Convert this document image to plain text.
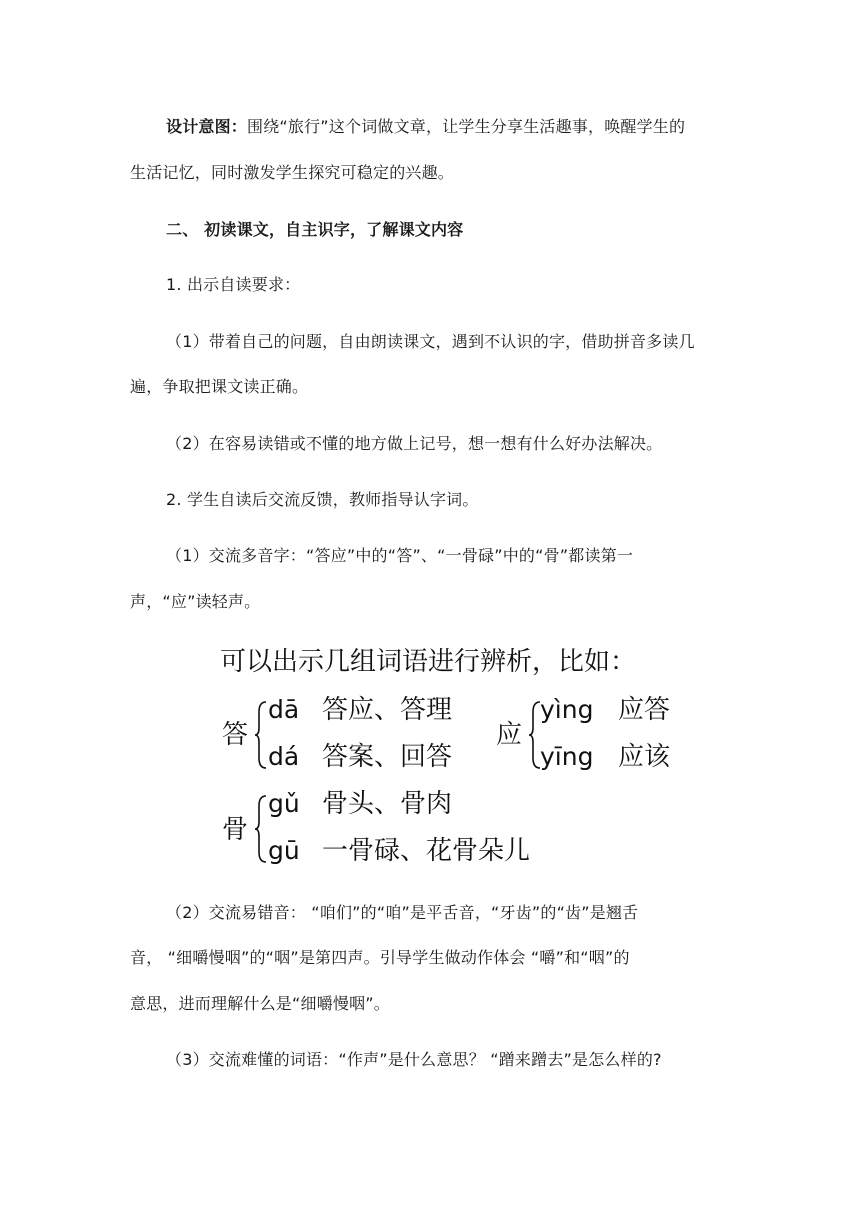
设计意图：围绕“旅行”这个词做文章，让学生分享生活趣事，唤醒学生的
生活记忆，同时激发学生探究可稳定的兴趣。
二、 初读课文，自主识字，了解课文内容
1. 出示自读要求：
（1）带着自己的问题，自由朗读课文，遇到不认识的字，借助拼音多读几
遍，争取把课文读正确。
（2）在容易读错或不懂的地方做上记号，想一想有什么好办法解决。
2. 学生自读后交流反馈，教师指导认字词。
（1）交流多音字：“答应”中的“答”、“一骨碌”中的“骨”都读第一
声，“应”读轻声。
可以出示几组词语进行辨析，比如：
答
dā 答应、答理
dá 答案、回答
应
yìng 应答
yīng 应该
骨
gǔ 骨头、骨肉
gū 一骨碌、花骨朵儿
（2）交流易错音： “咱们”的“咱”是平舌音，“牙齿”的“齿”是翘舌
音， “细嚼慢咽”的“咽”是第四声。引导学生做动作体会 “嚼”和“咽”的
意思，进而理解什么是“细嚼慢咽”。
（3）交流难懂的词语：“作声”是什么意思？ “蹭来蹭去”是怎么样的?
